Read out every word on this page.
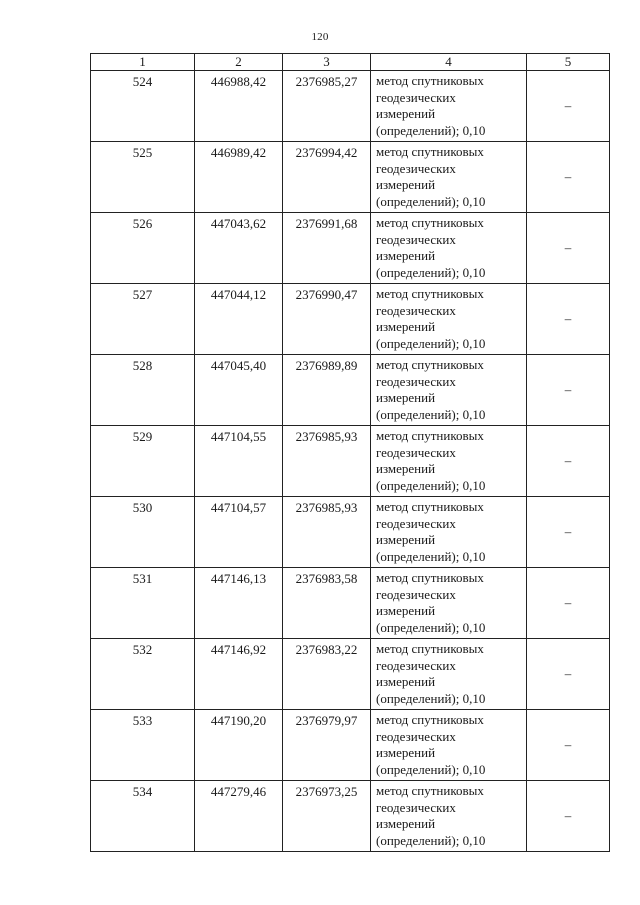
120
1	2	3	4	5
524	446988,42	2376985,27	метод спутниковых
геодезических
измерений
(определений); 0,10	–
525	446989,42	2376994,42	метод спутниковых
геодезических
измерений
(определений); 0,10	–
526	447043,62	2376991,68	метод спутниковых
геодезических
измерений
(определений); 0,10	–
527	447044,12	2376990,47	метод спутниковых
геодезических
измерений
(определений); 0,10	–
528	447045,40	2376989,89	метод спутниковых
геодезических
измерений
(определений); 0,10	–
529	447104,55	2376985,93	метод спутниковых
геодезических
измерений
(определений); 0,10	–
530	447104,57	2376985,93	метод спутниковых
геодезических
измерений
(определений); 0,10	–
531	447146,13	2376983,58	метод спутниковых
геодезических
измерений
(определений); 0,10	–
532	447146,92	2376983,22	метод спутниковых
геодезических
измерений
(определений); 0,10	–
533	447190,20	2376979,97	метод спутниковых
геодезических
измерений
(определений); 0,10	–
534	447279,46	2376973,25	метод спутниковых
геодезических
измерений
(определений); 0,10	–
